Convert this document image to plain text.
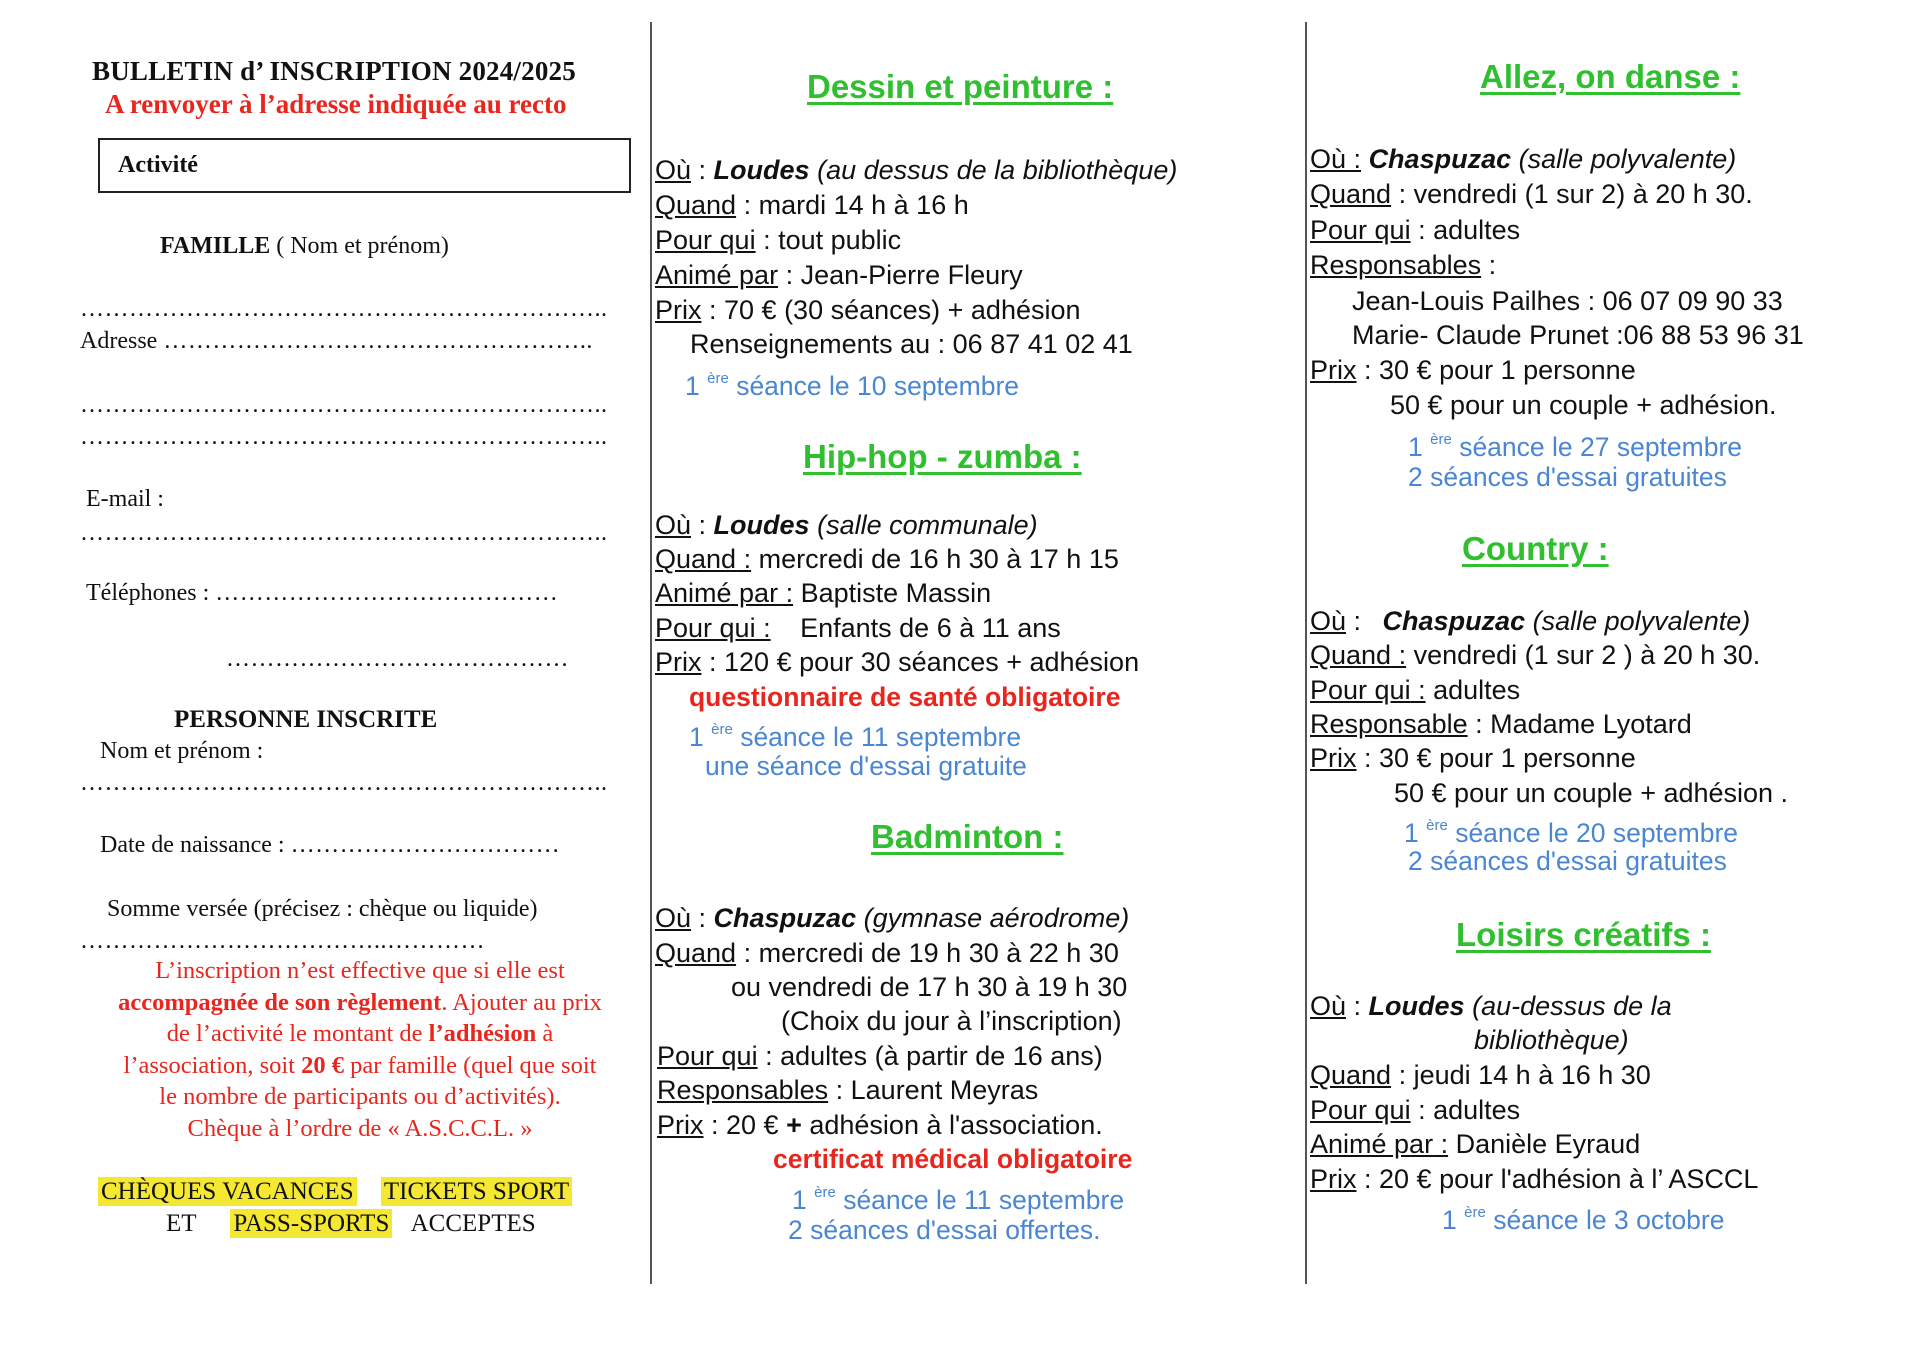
BULLETIN d’ INSCRIPTION 2024/2025
A renvoyer à l’adresse indiquée au recto
Activité
FAMILLE ( Nom et prénom)
………………………………………………………..
Adresse ……………………………………………..
………………………………………………………..
………………………………………………………..
E-mail :
………………………………………………………..
Téléphones : ……………………………………
……………………………………
PERSONNE INSCRITE
Nom et prénom :
………………………………………………………..
Date de naissance : ……………………………
Somme versée (précisez : chèque ou liquide)
………………………………..…………
L’inscription n’est effective que si elle est
accompagnée de son règlement. Ajouter au prix
de l’activité le montant de l’adhésion à
l’association, soit 20 € par famille (quel que soit
le nombre de participants ou d’activités).
Chèque à l’ordre de « A.S.C.C.L. »
CHÈQUES VACANCES TICKETS SPORT
ET PASS-SPORTS ACCEPTES
Dessin et peinture :
Où : Loudes (au dessus de la bibliothèque)
Quand : mardi 14 h à 16 h
Pour qui : tout public
Animé par : Jean-Pierre Fleury
Prix : 70 € (30 séances) + adhésion
Renseignements au : 06 87 41 02 41
1 $^{ère}$ séance le 10 septembre
Hip-hop - zumba :
Où : Loudes (salle communale)
Quand : mercredi de 16 h 30 à 17 h 15
Animé par : Baptiste Massin
Pour qui : Enfants de 6 à 11 ans
Prix : 120 € pour 30 séances + adhésion
questionnaire de santé obligatoire
1 $^{ère}$ séance le 11 septembre
une séance d'essai gratuite
Badminton :
Où : Chaspuzac (gymnase aérodrome)
Quand : mercredi de 19 h 30 à 22 h 30
ou vendredi de 17 h 30 à 19 h 30
(Choix du jour à l’inscription)
Pour qui : adultes (à partir de 16 ans)
Responsables : Laurent Meyras
Prix : 20 € + adhésion à l'association.
certificat médical obligatoire
1 $^{ère}$ séance le 11 septembre
2 séances d'essai offertes.
Allez, on danse :
Où : Chaspuzac (salle polyvalente)
Quand : vendredi (1 sur 2) à 20 h 30.
Pour qui : adultes
Responsables :
Jean-Louis Pailhes : 06 07 09 90 33
Marie- Claude Prunet :06 88 53 96 31
Prix : 30 € pour 1 personne
50 € pour un couple + adhésion.
1 $^{ère}$ séance le 27 septembre
2 séances d'essai gratuites
Country :
Où : Chaspuzac (salle polyvalente)
Quand : vendredi (1 sur 2 ) à 20 h 30.
Pour qui : adultes
Responsable : Madame Lyotard
Prix : 30 € pour 1 personne
50 € pour un couple + adhésion .
1 $^{ère}$ séance le 20 septembre
2 séances d'essai gratuites
Loisirs créatifs :
Où : Loudes (au-dessus de la
bibliothèque)
Quand : jeudi 14 h à 16 h 30
Pour qui : adultes
Animé par : Danièle Eyraud
Prix : 20 € pour l'adhésion à l’ ASCCL
1 $^{ère}$ séance le 3 octobre
